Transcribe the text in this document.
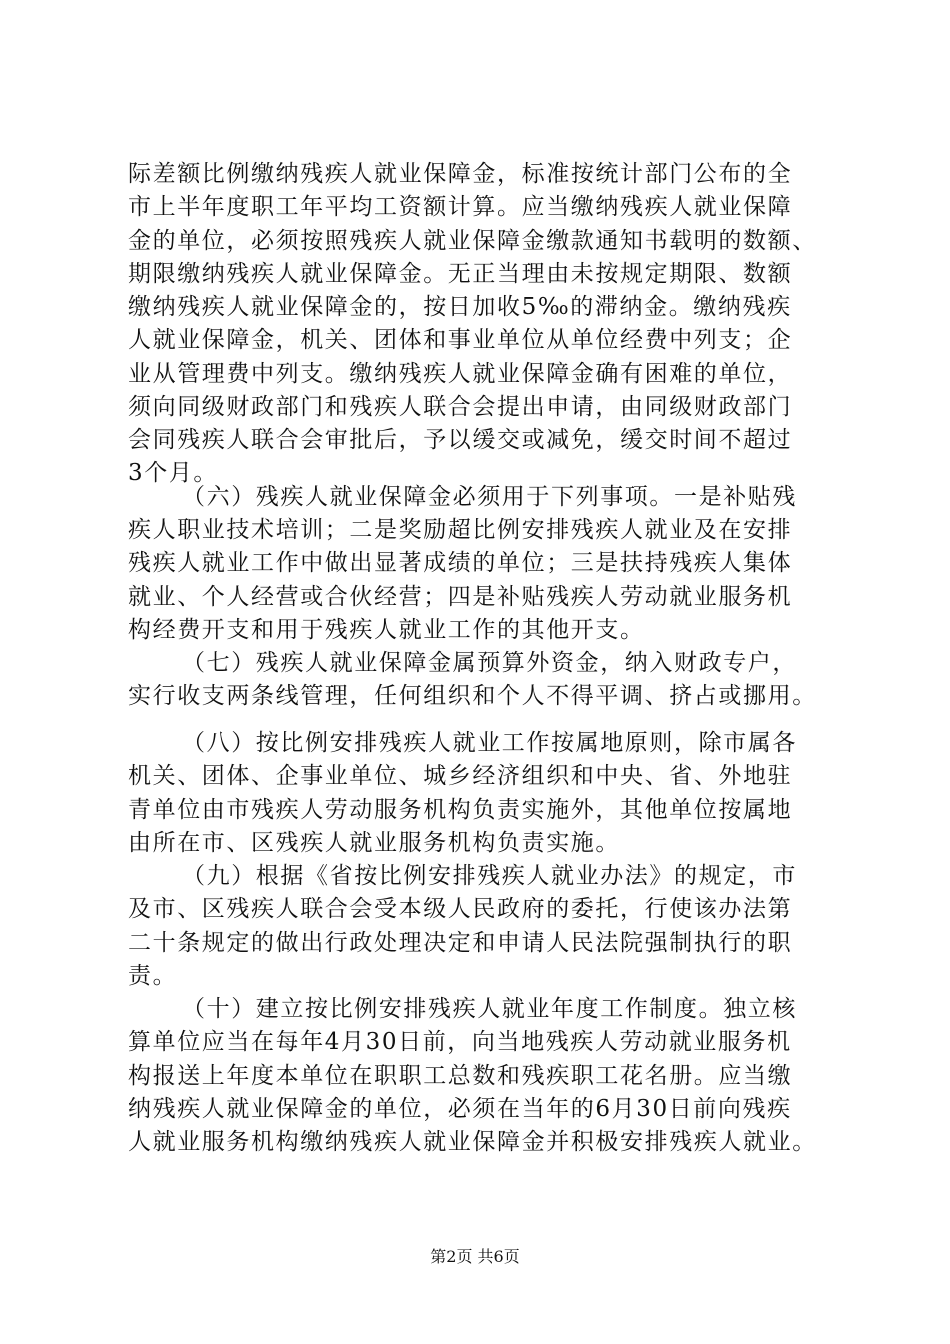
际差额比例缴纳残疾人就业保障金，标准按统计部门公布的全
市上半年度职工年平均工资额计算。应当缴纳残疾人就业保障
金的单位，必须按照残疾人就业保障金缴款通知书载明的数额、
期限缴纳残疾人就业保障金。无正当理由未按规定期限、数额
缴纳残疾人就业保障金的，按日加收5‰的滞纳金。缴纳残疾
人就业保障金，机关、团体和事业单位从单位经费中列支；企
业从管理费中列支。缴纳残疾人就业保障金确有困难的单位，
须向同级财政部门和残疾人联合会提出申请，由同级财政部门
会同残疾人联合会审批后，予以缓交或减免，缓交时间不超过
3个月。
（六）残疾人就业保障金必须用于下列事项。一是补贴残
疾人职业技术培训；二是奖励超比例安排残疾人就业及在安排
残疾人就业工作中做出显著成绩的单位；三是扶持残疾人集体
就业、个人经营或合伙经营；四是补贴残疾人劳动就业服务机
构经费开支和用于残疾人就业工作的其他开支。
（七）残疾人就业保障金属预算外资金，纳入财政专户，
实行收支两条线管理，任何组织和个人不得平调、挤占或挪用。
（八）按比例安排残疾人就业工作按属地原则，除市属各
机关、团体、企事业单位、城乡经济组织和中央、省、外地驻
青单位由市残疾人劳动服务机构负责实施外，其他单位按属地
由所在市、区残疾人就业服务机构负责实施。
（九）根据《省按比例安排残疾人就业办法》的规定，市
及市、区残疾人联合会受本级人民政府的委托，行使该办法第
二十条规定的做出行政处理决定和申请人民法院强制执行的职
责。
（十）建立按比例安排残疾人就业年度工作制度。独立核
算单位应当在每年4月30日前，向当地残疾人劳动就业服务机
构报送上年度本单位在职职工总数和残疾职工花名册。应当缴
纳残疾人就业保障金的单位，必须在当年的6月30日前向残疾
人就业服务机构缴纳残疾人就业保障金并积极安排残疾人就业。
第2页 共6页
